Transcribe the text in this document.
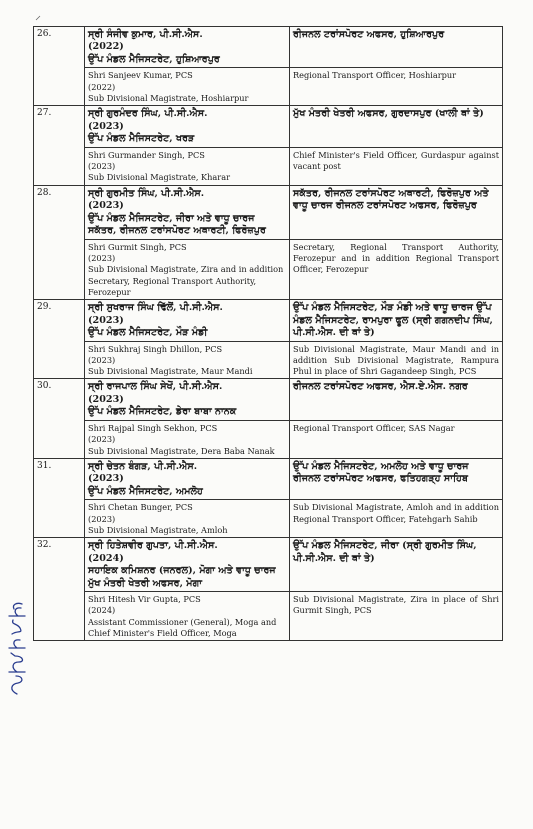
26.	ਸ੍ਰੀ ਸੰਜੀਵ ਕੁਮਾਰ, ਪੀ.ਸੀ.ਐਸ.
(2022)
ਉੱਪ ਮੰਡਲ ਮੈਜਿਸਟਰੇਟ, ਹੁਸ਼ਿਆਰਪੁਰ	ਰੀਜਨਲ ਟਰਾਂਸਪੋਰਟ ਅਫਸਰ, ਹੁਸ਼ਿਆਰਪੁਰ
	Shri Sanjeev Kumar, PCS
(2022)
Sub Divisional Magistrate, Hoshiarpur	Regional Transport Officer, Hoshiarpur
27.	ਸ੍ਰੀ ਗੁਰਮੰਦਰ ਸਿੰਘ, ਪੀ.ਸੀ.ਐਸ.
(2023)
ਉੱਪ ਮੰਡਲ ਮੈਜਿਸਟਰੇਟ, ਖਰੜ	ਮੁੱਖ ਮੰਤਰੀ ਖੇਤਰੀ ਅਫਸਰ, ਗੁਰਦਾਸਪੁਰ (ਖਾਲੀ ਥਾਂ ਤੇ)
	Shri Gurmander Singh, PCS
(2023)
Sub Divisional Magistrate, Kharar	Chief Minister's Field Officer, Gurdaspur against vacant post
28.	ਸ੍ਰੀ ਗੁਰਮੀਤ ਸਿੰਘ, ਪੀ.ਸੀ.ਐਸ.
(2023)
ਉੱਪ ਮੰਡਲ ਮੈਜਿਸਟਰੇਟ, ਜੀਰਾ ਅਤੇ ਵਾਧੂ ਚਾਰਜ ਸਕੱਤਰ, ਰੀਜਨਲ ਟਰਾਂਸਪੋਰਟ ਅਥਾਰਟੀ, ਫਿਰੋਜ਼ਪੁਰ	ਸਕੱਤਰ, ਰੀਜਨਲ ਟਰਾਂਸਪੋਰਟ ਅਥਾਰਟੀ, ਫਿਰੋਜ਼ਪੁਰ ਅਤੇ ਵਾਧੂ ਚਾਰਜ ਰੀਜਨਲ ਟਰਾਂਸਪੋਰਟ ਅਫਸਰ, ਫਿਰੋਜ਼ਪੁਰ
	Shri Gurmit Singh, PCS
(2023)
Sub Divisional Magistrate, Zira and in addition Secretary, Regional Transport Authority, Ferozepur	Secretary, Regional Transport Authority, Ferozepur and in addition Regional Transport Officer, Ferozepur
29.	ਸ੍ਰੀ ਸੁਖਰਾਜ ਸਿੰਘ ਢਿੱਲੋਂ, ਪੀ.ਸੀ.ਐਸ.
(2023)
ਉੱਪ ਮੰਡਲ ਮੈਜਿਸਟਰੇਟ, ਮੌੜ ਮੰਡੀ	ਉੱਪ ਮੰਡਲ ਮੈਜਿਸਟਰੇਟ, ਮੌੜ ਮੰਡੀ ਅਤੇ ਵਾਧੂ ਚਾਰਜ ਉੱਪ ਮੰਡਲ ਮੈਜਿਸਟਰੇਟ, ਰਾਮਪੁਰਾ ਫੂਲ (ਸ੍ਰੀ ਗਗਨਦੀਪ ਸਿੰਘ, ਪੀ.ਸੀ.ਐਸ. ਦੀ ਥਾਂ ਤੇ)
	Shri Sukhraj Singh Dhillon, PCS
(2023)
Sub Divisional Magistrate, Maur Mandi	Sub Divisional Magistrate, Maur Mandi and in addition Sub Divisional Magistrate, Rampura Phul in place of Shri Gagandeep Singh, PCS
30.	ਸ੍ਰੀ ਰਾਜਪਾਲ ਸਿੰਘ ਸੇਖੋਂ, ਪੀ.ਸੀ.ਐਸ.
(2023)
ਉੱਪ ਮੰਡਲ ਮੈਜਿਸਟਰੇਟ, ਡੇਰਾ ਬਾਬਾ ਨਾਨਕ	ਰੀਜਨਲ ਟਰਾਂਸਪੋਰਟ ਅਫਸਰ, ਐਸ.ਏ.ਐਸ. ਨਗਰ
	Shri Rajpal Singh Sekhon, PCS
(2023)
Sub Divisional Magistrate, Dera Baba Nanak	Regional Transport Officer, SAS Nagar
31.	ਸ੍ਰੀ ਚੇਤਨ ਬੰਗੜ, ਪੀ.ਸੀ.ਐਸ.
(2023)
ਉੱਪ ਮੰਡਲ ਮੈਜਿਸਟਰੇਟ, ਅਮਲੋਹ	ਉੱਪ ਮੰਡਲ ਮੈਜਿਸਟਰੇਟ, ਅਮਲੋਹ ਅਤੇ ਵਾਧੂ ਚਾਰਜ ਰੀਜਨਲ ਟਰਾਂਸਪੋਰਟ ਅਫਸਰ, ਫਤਿਹਗੜ੍ਹ ਸਾਹਿਬ
	Shri Chetan Bunger, PCS
(2023)
Sub Divisional Magistrate, Amloh	Sub Divisional Magistrate, Amloh and in addition Regional Transport Officer, Fatehgarh Sahib
32.	ਸ੍ਰੀ ਹਿਤੇਸ਼ਵੀਰ ਗੁਪਤਾ, ਪੀ.ਸੀ.ਐਸ.
(2024)
ਸਹਾਇਕ ਕਮਿਸ਼ਨਰ (ਜਨਰਲ), ਮੋਗਾ ਅਤੇ ਵਾਧੂ ਚਾਰਜ ਮੁੱਖ ਮੰਤਰੀ ਖੇਤਰੀ ਅਫਸਰ, ਮੋਗਾ	ਉੱਪ ਮੰਡਲ ਮੈਜਿਸਟਰੇਟ, ਜੀਰਾ (ਸ੍ਰੀ ਗੁਰਮੀਤ ਸਿੰਘ, ਪੀ.ਸੀ.ਐਸ. ਦੀ ਥਾਂ ਤੇ)
	Shri Hitesh Vir Gupta, PCS
(2024)
Assistant Commissioner (General), Moga and Chief Minister's Field Officer, Moga	Sub Divisional Magistrate, Zira in place of Shri Gurmit Singh, PCS
